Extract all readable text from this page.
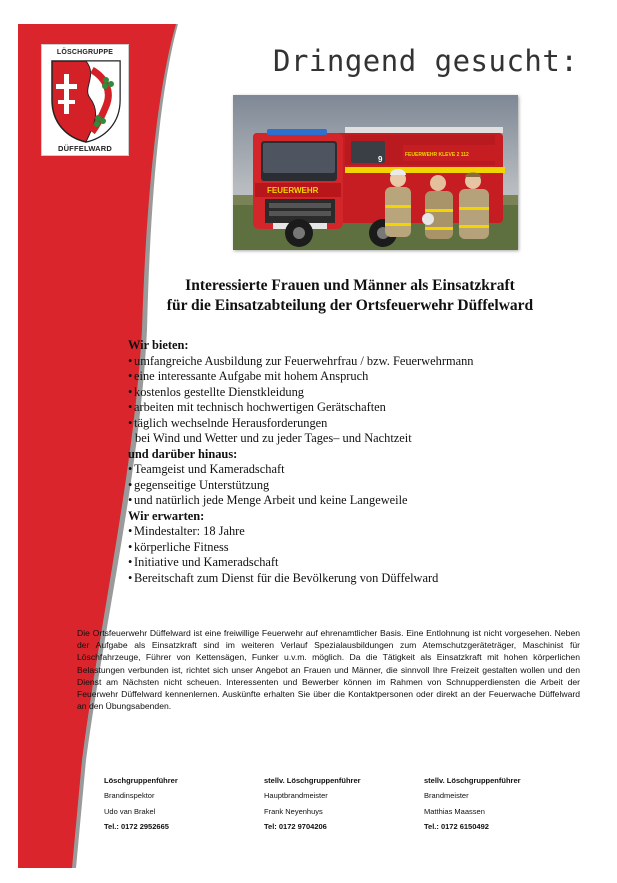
LÖSCHGRUPPE
DÜFFELWARD
Dringend gesucht:
FEUERWEHR
FEUERWEHR KLEVE 2 112
9
Interessierte Frauen und Männer als Einsatzkraft
für die Einsatzabteilung der Ortsfeuerwehr Düffelward
Wir bieten:
• umfangreiche Ausbildung zur Feuerwehrfrau / bzw. Feuerwehrmann
• eine interessante Aufgabe mit hohem Anspruch
• kostenlos gestellte Dienstkleidung
• arbeiten mit technisch hochwertigen Gerätschaften
• täglich wechselnde Herausforderungen
bei Wind und Wetter und zu jeder Tages– und Nachtzeit
und darüber hinaus:
• Teamgeist und Kameradschaft
• gegenseitige Unterstützung
• und natürlich jede Menge Arbeit und keine Langeweile
Wir erwarten:
• Mindestalter: 18 Jahre
• körperliche Fitness
• Initiative und Kameradschaft
• Bereitschaft zum Dienst für die Bevölkerung von Düffelward
Die Ortsfeuerwehr Düffelward ist eine freiwillige Feuerwehr auf ehrenamtlicher Basis. Eine Entlohnung ist nicht vorgesehen. Neben der Aufgabe als Einsatzkraft sind im weiteren Verlauf Spezialausbildungen zum Atemschutzgeräteträger, Maschinist für Löschfahrzeuge, Führer von Kettensägen, Funker u.v.m. möglich. Da die Tätigkeit als Einsatzkraft mit hohen körperlichen Belastungen verbunden ist, richtet sich unser Angebot an Frauen und Männer, die sinnvoll Ihre Freizeit gestalten wollen und den Dienst am Nächsten nicht scheuen. Interessenten und Bewerber können im Rahmen von Schnupperdiensten die Arbeit der Feuerwehr Düffelward kennenlernen. Auskünfte erhalten Sie über die Kontaktpersonen oder direkt an der Feuerwache Düffelward an den Übungsabenden.
Löschgruppenführer
Brandinspektor
Udo van Brakel
Tel.: 0172 2952665
stellv. Löschgruppenführer
Hauptbrandmeister
Frank Neyenhuys
Tel: 0172 9704206
stellv. Löschgruppenführer
Brandmeister
Matthias Maassen
Tel.: 0172 6150492
